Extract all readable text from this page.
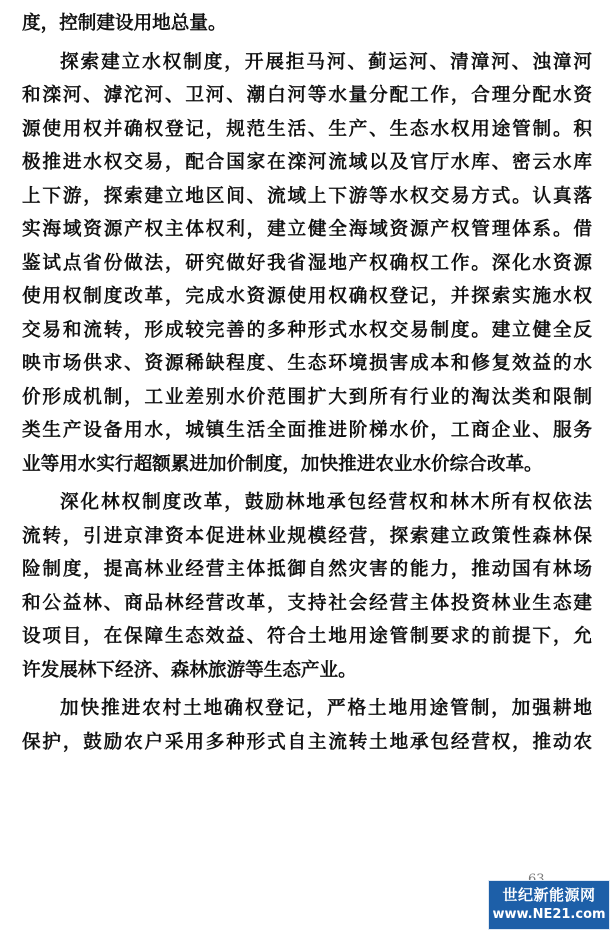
度，控制建设用地总量。
探索建立水权制度，开展拒马河、蓟运河、清漳河、浊漳河
和滦河、滹沱河、卫河、潮白河等水量分配工作，合理分配水资
源使用权并确权登记，规范生活、生产、生态水权用途管制。积
极推进水权交易，配合国家在滦河流域以及官厅水库、密云水库
上下游，探索建立地区间、流域上下游等水权交易方式。认真落
实海域资源产权主体权利，建立健全海域资源产权管理体系。借
鉴试点省份做法，研究做好我省湿地产权确权工作。深化水资源
使用权制度改革，完成水资源使用权确权登记，并探索实施水权
交易和流转，形成较完善的多种形式水权交易制度。建立健全反
映市场供求、资源稀缺程度、生态环境损害成本和修复效益的水
价形成机制，工业差别水价范围扩大到所有行业的淘汰类和限制
类生产设备用水，城镇生活全面推进阶梯水价，工商企业、服务
业等用水实行超额累进加价制度，加快推进农业水价综合改革。
深化林权制度改革，鼓励林地承包经营权和林木所有权依法
流转，引进京津资本促进林业规模经营，探索建立政策性森林保
险制度，提高林业经营主体抵御自然灾害的能力，推动国有林场
和公益林、商品林经营改革，支持社会经营主体投资林业生态建
设项目，在保障生态效益、符合土地用途管制要求的前提下，允
许发展林下经济、森林旅游等生态产业。
加快推进农村土地确权登记，严格土地用途管制，加强耕地
保护，鼓励农户采用多种形式自主流转土地承包经营权，推动农
世纪新能源网
www.NE21.com
